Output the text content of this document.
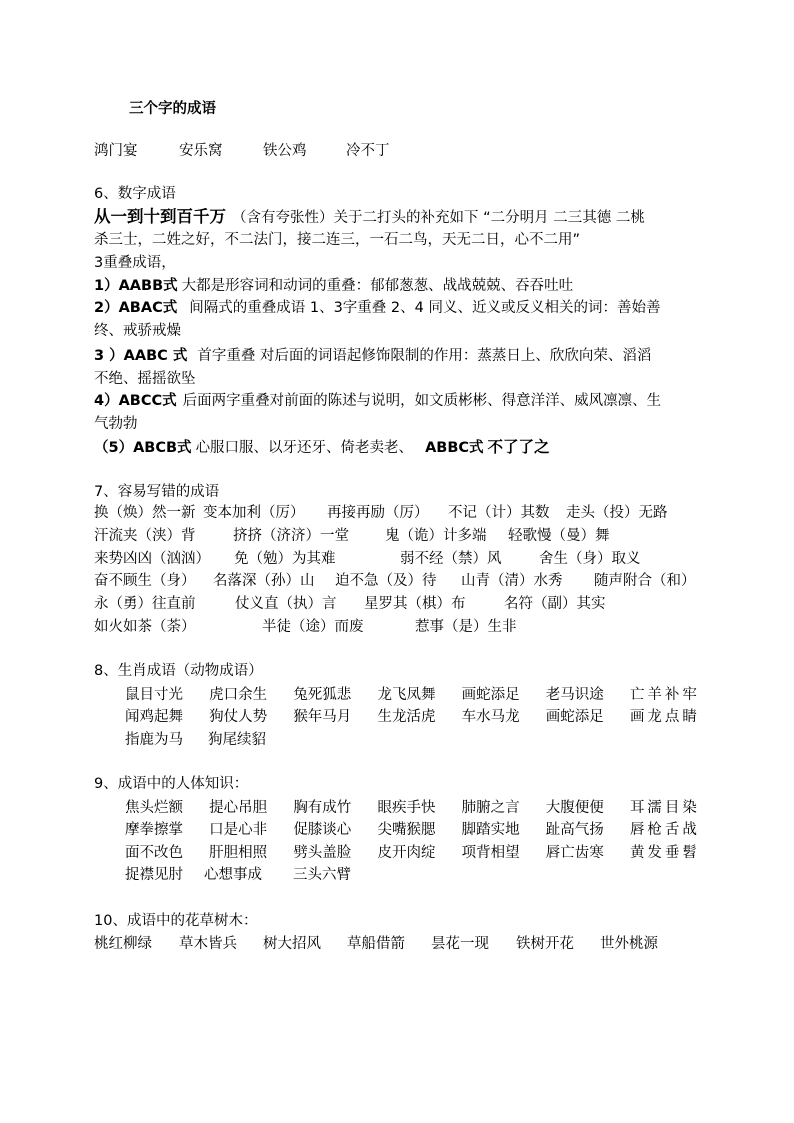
三个字的成语
鸿门宴	安乐窝	铁公鸡	冷不丁
6、数字成语
从一到十到百千万 （含有夸张性）关于二打头的补充如下 “二分明月 二三其德 二桃
杀三士，二姓之好，不二法门，接二连三，一石二鸟，天无二日，心不二用”
3重叠成语，
1）AABB式 大都是形容词和动词的重叠：郁郁葱葱、战战兢兢、吞吞吐吐
2）ABAC式 间隔式的重叠成语 1、3字重叠 2、4 同义、近义或反义相关的词：善始善
终、戒骄戒燥
3 ）AABC 式 首字重叠 对后面的词语起修饰限制的作用：蒸蒸日上、欣欣向荣、滔滔
不绝、摇摇欲坠
4）ABCC式 后面两字重叠对前面的陈述与说明，如文质彬彬、得意洋洋、威风凛凛、生
气勃勃
（5）ABCB式 心服口服、以牙还牙、倚老卖老、 ABBC式 不了了之
7、容易写错的成语
换（焕）然一新 变本加利（厉） 再接再励（厉） 不记（计）其数 走头（投）无路
汗流夹（浃）背	挤挤（济济）一堂 鬼（诡）计多端 轻歌慢（曼）舞
来势凶凶（汹汹） 免（勉）为其难	弱不经（禁）风	舍生（身）取义
奋不顾生（身） 名落深（孙）山 迫不急（及）待 山青（清）水秀 随声附合（和）
永（勇）往直前	仗义直（执）言 星罗其（棋）布	名符（副）其实
如火如茶（荼）	半徒（途）而废	惹事（是）生非
8、生肖成语（动物成语）
鼠目寸光 虎口余生 兔死狐悲 龙飞凤舞 画蛇添足 老马识途 亡羊补牢
闻鸡起舞 狗仗人势 猴年马月 生龙活虎 车水马龙 画蛇添足 画龙点睛
指鹿为马 狗尾续貂
9、成语中的人体知识：
焦头烂额 提心吊胆 胸有成竹 眼疾手快 肺腑之言 大腹便便 耳濡目染
摩拳擦掌 口是心非 促膝谈心 尖嘴猴腮 脚踏实地 趾高气扬 唇枪舌战
面不改色 肝胆相照 劈头盖脸 皮开肉绽 项背相望 唇亡齿寒 黄发垂髫
捉襟见肘 心想事成 三头六臂
10、成语中的花草树木：
桃红柳绿 草木皆兵 树大招风 草船借箭 昙花一现 铁树开花 世外桃源
